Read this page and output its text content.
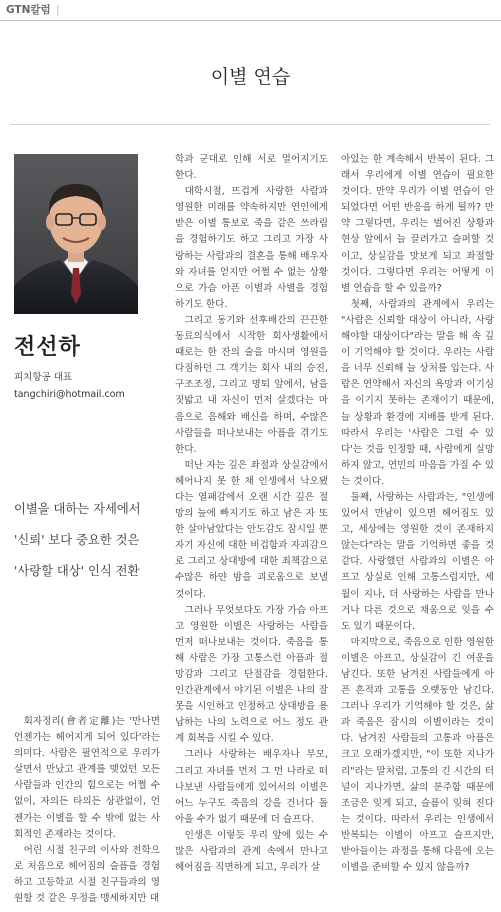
GTN칼럼 |
이별 연습
전선하
피치항공 대표
tangchiri@hotmail.com
이별을 대하는 자세에서
'신뢰' 보다 중요한 것은
'사랑할 대상' 인식 전환

회자정리(會者定離)는 '만나면 언젠가는 헤어지게 되어 있다'라는 의미다. 사람은 필연적으로 우리가 살면서 만났고 관계를 맺었던 모든 사람들과 인간의 힘으로는 어쩔 수 없이, 자의든 타의든 상관없이, 언젠가는 이별을 할 수 밖에 없는 사회적인 존재라는 것이다.

어린 시절 친구의 이사와 전학으로 처음으로 헤어짐의 슬픔을 경험하고 고등학교 시절 친구들과의 영원할 것 같은 우정을 맹세하지만 대

학과 군대로 인해 서로 멀어지기도 한다.

대학시절, 뜨겁게 사랑한 사람과 영원한 미래를 약속하지만 연인에게 받은 이별 통보로 죽을 같은 쓰라림을 경험하기도 하고 그리고 가장 사랑하는 사람과의 결혼을 통해 배우자와 자녀를 얻지만 어쩔 수 없는 상황으로 가슴 아픈 이별과 사별을 경험하기도 한다.

그리고 동기와 선후배간의 끈끈한 동료의식에서 시작한 회사생활에서 때로는 한 잔의 술을 마시며 영원을 다짐하던 그 객기는 회사 내의 승진, 구조조정, 그리고 명퇴 앞에서, 남을 짓밟고 내 자신이 먼저 살겠다는 마음으로 음해와 배신을 하며, 수많은 사람들을 떠나보내는 아픔을 겪기도 한다.

떠난 자는 깊은 좌절과 상실감에서 헤어나지 못 한 채 인생에서 낙오됐다는 열패감에서 오랜 시간 깊은 절망의 늪에 빠지기도 하고 남은 자 또한 살아남았다는 안도감도 잠시일 뿐 자기 자신에 대한 비겁함과 자괴감으로 그리고 상대방에 대한 죄책감으로 수많은 하얀 밤을 괴로움으로 보낼 것이다.

그러나 무엇보다도 가장 가슴 아프고 영원한 이별은 사랑하는 사람을 먼저 떠나보내는 것이다. 죽음을 통해 사람은 가장 고통스런 아픔과 절망감과 그리고 단절감을 경험한다. 인간관계에서 야기된 이별은 나의 잘못을 시인하고 인정하고 상대방을 용납하는 나의 노력으로 어느 정도 관계 회복을 시킬 수 있다.

그러나 사랑하는 배우자나 부모, 그리고 자녀를 먼저 그 먼 나라로 떠나보낸 사람들에게 있어서의 이별은 어느 누구도 죽음의 강을 건너다 돌아올 수가 없기 때문에 더 슬프다.

인생은 이렇듯 우리 앞에 있는 수많은 사람과의 관계 속에서 만나고 헤어짐을 직면하게 되고, 우리가 살

아있는 한 계속해서 반복이 된다. 그래서 우리에게 이별 연습이 필요한 것이다. 만약 우리가 이별 연습이 안 되었다면 어떤 반응을 하게 될까? 만약 그렇다면, 우리는 벌어진 상황과 현상 앞에서 늘 끌려가고 슬퍼할 것이고, 상실감을 맛보게 되고 좌절할 것이다. 그렇다면 우리는 어떻게 이별 연습을 할 수 있을까?

첫째, 사람과의 관계에서 우리는 "사람은 신뢰할 대상이 아니라, 사랑해야할 대상이다"라는 말을 해 속 깊이 기억해야 할 것이다. 우리는 사람을 너무 신뢰해 늘 상처를 입는다. 사람은 연약해서 자신의 욕망과 이기심을 이기지 못하는 존재이기 때문에, 늘 상황과 환경에 지배를 받게 된다. 따라서 우리는 '사람은 그럴 수 있다'는 것을 인정할 때, 사람에게 실망하지 않고, 연민의 마음을 가질 수 있는 것이다.

둘째, 사랑하는 사람과는, "인생에 있어서 만남이 있으면 헤어짐도 있고, 세상에는 영원한 것이 존재하지 않는다"라는 말을 기억하면 좋을 것 같다. 사랑했던 사람과의 이별은 아프고 상실로 인해 고통스럽지만, 세월이 지나, 더 사랑하는 사람을 만나거나 다른 것으로 채움으로 잊을 수도 있기 때문이다.

마지막으로, 죽음으로 인한 영원한 이별은 아프고, 상실감이 긴 여운을 남긴다. 또한 남겨진 사람들에게 아픈 흔적과 고통을 오랫동안 남긴다. 그러나 우리가 기억해야 할 것은, 삶과 죽음은 잠시의 이별이라는 것이다. 남겨진 사람들의 고통과 아픔은 크고 오래가겠지만, "이 또한 지나가리"라는 말처럼, 고통의 긴 시간의 터널이 지나가면, 삶의 분주함 때문에 조금은 잊게 되고, 슬픔이 잊혀 진다는 것이다. 따라서 우리는 인생에서 반복되는 이별이 아프고 슬프지만, 받아들이는 과정을 통해 다음에 오는 이별을 준비할 수 있지 않을까?
